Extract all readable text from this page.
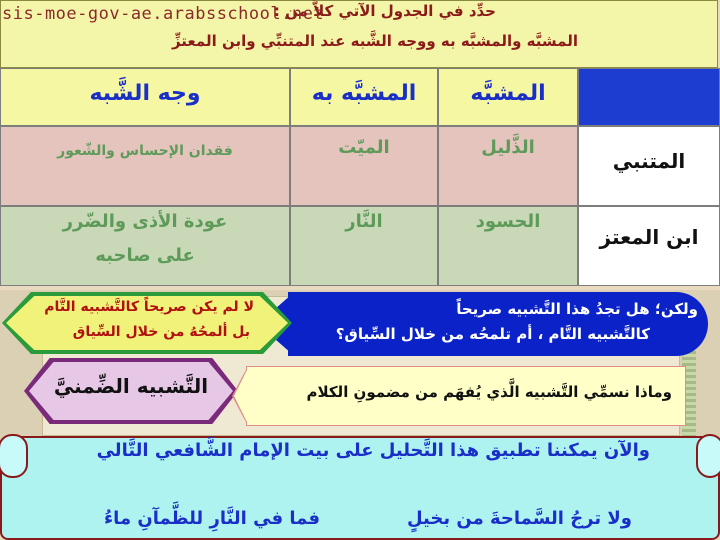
حدِّد في الجدول الآتي كلاًّ من :
المشبَّه والمشبَّه به ووجه الشَّبه عند المتنبِّي وابن المعتزِّ
sis-moe-gov-ae.arabsschool.net
المشبَّه
المشبَّه به
وجه الشَّبه
المتنبي
الذَّليل
الميّت
فقدان الإحساس والشّعور
ابن المعتز
الحسود
النَّار
عودة الأذى والضّرر
على صاحبه
ولكن؛ هل تجدُ هذا التَّشبيه صريحاً
كالتَّشبيه التَّام ، أم تلمحُه من خلال السِّياق؟
لا لم يكن صريحاً كالتَّشبيه التَّام
بل ألمحُهُ من خلال السِّياق
التَّشبيه الضِّمنيَّ	وماذا نسمِّي التَّشبيه الَّذي يُفهَم من مضمونِ الكلام
والآن يمكننا تطبيق هذا التَّحليل على بيت الإمام الشَّافعي التَّالي
ولا ترجُ السَّماحةَ من بخيلٍ
فما في النَّارِ للظَّمآنِ ماءُ
